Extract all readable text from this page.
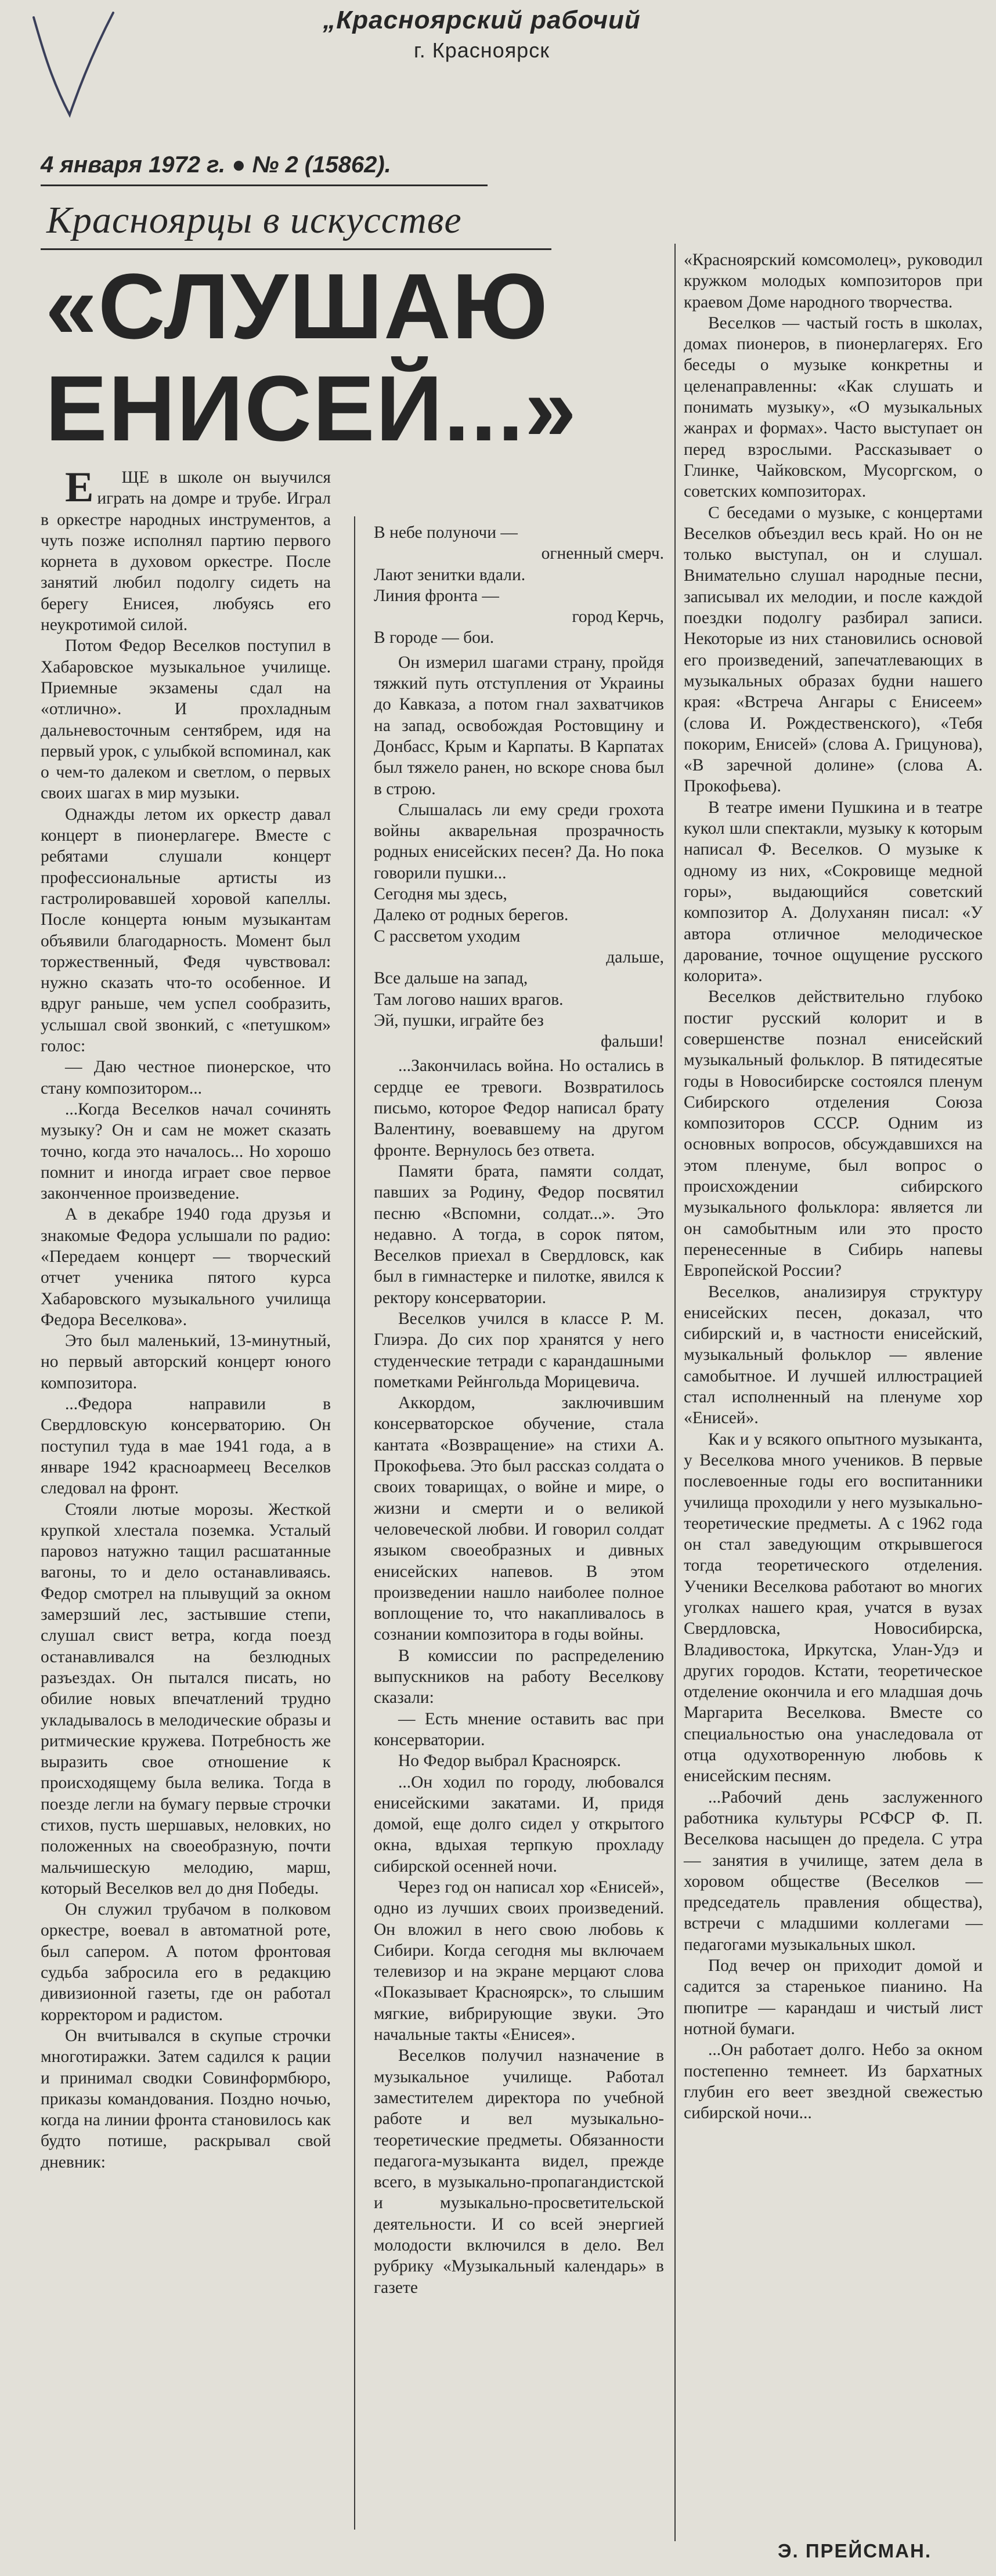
„Красноярский рабочий
г. Красноярск
4 января 1972 г. ● № 2 (15862).
Красноярцы в искусстве
«СЛУШАЮ ЕНИСЕЙ...»

ЕЩЕ в школе он выучился играть на домре и трубе. Играл в оркестре народных инструментов, а чуть позже исполнял партию первого корнета в духовом оркестре. После занятий любил подолгу сидеть на берегу Енисея, любуясь его неукротимой силой.

Потом Федор Веселков поступил в Хабаровское музыкальное училище. Приемные экзамены сдал на «отлично». И прохладным дальневосточным сентябрем, идя на первый урок, с улыбкой вспоминал, как о чем-то далеком и светлом, о первых своих шагах в мир музыки.

Однажды летом их оркестр давал концерт в пионерлагере. Вместе с ребятами слушали концерт профессиональные артисты из гастролировавшей хоровой капеллы. После концерта юным музыкантам объявили благодарность. Момент был торжественный, Федя чувствовал: нужно сказать что-то особенное. И вдруг раньше, чем успел сообразить, услышал свой звонкий, с «петушком» голос:

— Даю честное пионерское, что стану композитором...

...Когда Веселков начал сочинять музыку? Он и сам не может сказать точно, когда это началось... Но хорошо помнит и иногда играет свое первое законченное произведение.

А в декабре 1940 года друзья и знакомые Федора услышали по радио: «Передаем концерт — творческий отчет ученика пятого курса Хабаровского музыкального училища Федора Веселкова».

Это был маленький, 13-минутный, но первый авторский концерт юного композитора.

...Федора направили в Свердловскую консерваторию. Он поступил туда в мае 1941 года, а в январе 1942 красноармеец Веселков следовал на фронт.

Стояли лютые морозы. Жесткой крупкой хлестала поземка. Усталый паровоз натужно тащил расшатанные вагоны, то и дело останавливаясь. Федор смотрел на плывущий за окном замерзший лес, застывшие степи, слушал свист ветра, когда поезд останавливался на безлюдных разъездах. Он пытался писать, но обилие новых впечатлений трудно укладывалось в мелодические образы и ритмические кружева. Потребность же выразить свое отношение к происходящему была велика. Тогда в поезде легли на бумагу первые строчки стихов, пусть шершавых, неловких, но положенных на своеобразную, почти мальчишескую мелодию, марш, который Веселков вел до дня Победы.

Он служил трубачом в полковом оркестре, воевал в автоматной роте, был сапером. А потом фронтовая судьба забросила его в редакцию дивизионной газеты, где он работал корректором и радистом.

Он вчитывался в скупые строчки многотиражки. Затем садился к рации и принимал сводки Совинформбюро, приказы командования. Поздно ночью, когда на линии фронта становилось как будто потише, раскрывал свой дневник:

В небе полуночи —
огненный смерч.
Лают зенитки вдали.
Линия фронта —
город Керчь,
В городе — бои.

Он измерил шагами страну, пройдя тяжкий путь отступления от Украины до Кавказа, а потом гнал захватчиков на запад, освобождая Ростовщину и Донбасс, Крым и Карпаты. В Карпатах был тяжело ранен, но вскоре снова был в строю.

Слышалась ли ему среди грохота войны акварельная прозрачность родных енисейских песен? Да. Но пока говорили пушки...

Сегодня мы здесь,
Далеко от родных берегов.
С рассветом уходим
дальше,
Все дальше на запад,
Там логово наших врагов.
Эй, пушки, играйте без
фальши!

...Закончилась война. Но остались в сердце ее тревоги. Возвратилось письмо, которое Федор написал брату Валентину, воевавшему на другом фронте. Вернулось без ответа.

Памяти брата, памяти солдат, павших за Родину, Федор посвятил песню «Вспомни, солдат...». Это недавно. А тогда, в сорок пятом, Веселков приехал в Свердловск, как был в гимнастерке и пилотке, явился к ректору консерватории.

Веселков учился в классе Р. М. Глиэра. До сих пор хранятся у него студенческие тетради с карандашными пометками Рейнгольда Морицевича.

Аккордом, заключившим консерваторское обучение, стала кантата «Возвращение» на стихи А. Прокофьева. Это был рассказ солдата о своих товарищах, о войне и мире, о жизни и смерти и о великой человеческой любви. И говорил солдат языком своеобразных и дивных енисейских напевов. В этом произведении нашло наиболее полное воплощение то, что накапливалось в сознании композитора в годы войны.

В комиссии по распределению выпускников на работу Веселкову сказали:

— Есть мнение оставить вас при консерватории.

Но Федор выбрал Красноярск.

...Он ходил по городу, любовался енисейскими закатами. И, придя домой, еще долго сидел у открытого окна, вдыхая терпкую прохладу сибирской осенней ночи.

Через год он написал хор «Енисей», одно из лучших своих произведений. Он вложил в него свою любовь к Сибири. Когда сегодня мы включаем телевизор и на экране мерцают слова «Показывает Красноярск», то слышим мягкие, вибрирующие звуки. Это начальные такты «Енисея».

Веселков получил назначение в музыкальное училище. Работал заместителем директора по учебной работе и вел музыкально-теоретические предметы. Обязанности педагога-музыканта видел, прежде всего, в музыкально-пропагандистской и музыкально-просветительской деятельности. И со всей энергией молодости включился в дело. Вел рубрику «Музыкальный календарь» в газете

«Красноярский комсомолец», руководил кружком молодых композиторов при краевом Доме народного творчества.

Веселков — частый гость в школах, домах пионеров, в пионерлагерях. Его беседы о музыке конкретны и целенаправленны: «Как слушать и понимать музыку», «О музыкальных жанрах и формах». Часто выступает он перед взрослыми. Рассказывает о Глинке, Чайковском, Мусоргском, о советских композиторах.

С беседами о музыке, с концертами Веселков объездил весь край. Но он не только выступал, он и слушал. Внимательно слушал народные песни, записывал их мелодии, и после каждой поездки подолгу разбирал записи. Некоторые из них становились основой его произведений, запечатлевающих в музыкальных образах будни нашего края: «Встреча Ангары с Енисеем» (слова И. Рождественского), «Тебя покорим, Енисей» (слова А. Грицунова), «В заречной долине» (слова А. Прокофьева).

В театре имени Пушкина и в театре кукол шли спектакли, музыку к которым написал Ф. Веселков. О музыке к одному из них, «Сокровище медной горы», выдающийся советский композитор А. Долуханян писал: «У автора отличное мелодическое дарование, точное ощущение русского колорита».

Веселков действительно глубоко постиг русский колорит и в совершенстве познал енисейский музыкальный фольклор. В пятидесятые годы в Новосибирске состоялся пленум Сибирского отделения Союза композиторов СССР. Одним из основных вопросов, обсуждавшихся на этом пленуме, был вопрос о происхождении сибирского музыкального фольклора: является ли он самобытным или это просто перенесенные в Сибирь напевы Европейской России?

Веселков, анализируя структуру енисейских песен, доказал, что сибирский и, в частности енисейский, музыкальный фольклор — явление самобытное. И лучшей иллюстрацией стал исполненный на пленуме хор «Енисей».

Как и у всякого опытного музыканта, у Веселкова много учеников. В первые послевоенные годы его воспитанники училища проходили у него музыкально-теоретические предметы. А с 1962 года он стал заведующим открывшегося тогда теоретического отделения. Ученики Веселкова работают во многих уголках нашего края, учатся в вузах Свердловска, Новосибирска, Владивостока, Иркутска, Улан-Удэ и других городов. Кстати, теоретическое отделение окончила и его младшая дочь Маргарита Веселкова. Вместе со специальностью она унаследовала от отца одухотворенную любовь к енисейским песням.

...Рабочий день заслуженного работника культуры РСФСР Ф. П. Веселкова насыщен до предела. С утра — занятия в училище, затем дела в хоровом обществе (Веселков — председатель правления общества), встречи с младшими коллегами — педагогами музыкальных школ.

Под вечер он приходит домой и садится за старенькое пианино. На пюпитре — карандаш и чистый лист нотной бумаги.

...Он работает долго. Небо за окном постепенно темнеет. Из бархатных глубин его веет звездной свежестью сибирской ночи...

Э. ПРЕЙСМАН.
